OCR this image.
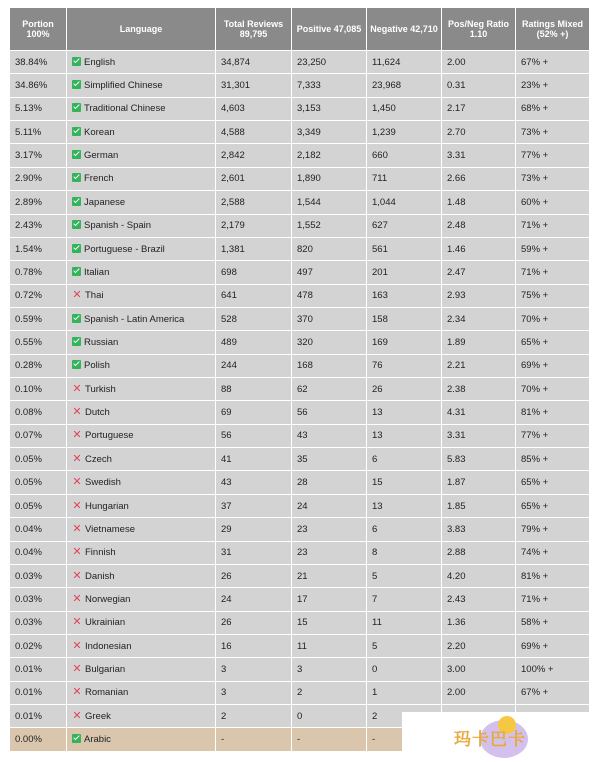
Portion 100%	Language	Total Reviews 89,795	Positive 47,085	Negative 42,710	Pos/Neg Ratio 1.10	Ratings Mixed (52% +)
38.84%	English	34,874	23,250	11,624	2.00	67% +
34.86%	Simplified Chinese	31,301	7,333	23,968	0.31	23% +
5.13%	Traditional Chinese	4,603	3,153	1,450	2.17	68% +
5.11%	Korean	4,588	3,349	1,239	2.70	73% +
3.17%	German	2,842	2,182	660	3.31	77% +
2.90%	French	2,601	1,890	711	2.66	73% +
2.89%	Japanese	2,588	1,544	1,044	1.48	60% +
2.43%	Spanish - Spain	2,179	1,552	627	2.48	71% +
1.54%	Portuguese - Brazil	1,381	820	561	1.46	59% +
0.78%	Italian	698	497	201	2.47	71% +
0.72%	✕ Thai	641	478	163	2.93	75% +
0.59%	Spanish - Latin America	528	370	158	2.34	70% +
0.55%	Russian	489	320	169	1.89	65% +
0.28%	Polish	244	168	76	2.21	69% +
0.10%	✕ Turkish	88	62	26	2.38	70% +
0.08%	✕ Dutch	69	56	13	4.31	81% +
0.07%	✕ Portuguese	56	43	13	3.31	77% +
0.05%	✕ Czech	41	35	6	5.83	85% +
0.05%	✕ Swedish	43	28	15	1.87	65% +
0.05%	✕ Hungarian	37	24	13	1.85	65% +
0.04%	✕ Vietnamese	29	23	6	3.83	79% +
0.04%	✕ Finnish	31	23	8	2.88	74% +
0.03%	✕ Danish	26	21	5	4.20	81% +
0.03%	✕ Norwegian	24	17	7	2.43	71% +
0.03%	✕ Ukrainian	26	15	11	1.36	58% +
0.02%	✕ Indonesian	16	11	5	2.20	69% +
0.01%	✕ Bulgarian	3	3	0	3.00	100% +
0.01%	✕ Romanian	3	2	1	2.00	67% +
0.01%	✕ Greek	2	0	2		
0.00%	Arabic	-	-	-			玛卡巴卡
